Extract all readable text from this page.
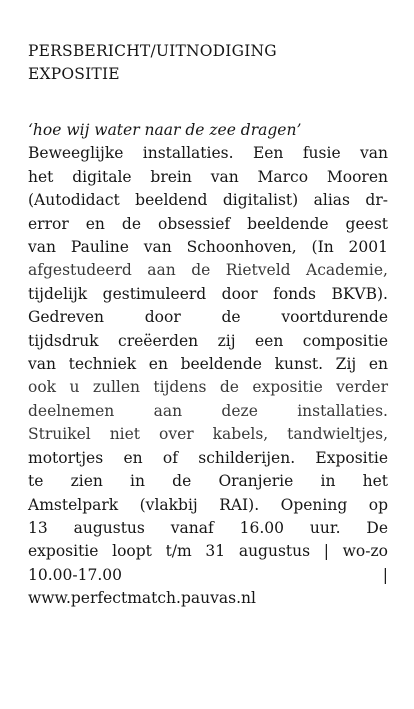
PERSBERICHT/UITNODIGING
EXPOSITIE
‘hoe wij water naar de zee dragen’
Beweeglijke installaties. Een fusie van
het digitale brein van Marco Mooren
(Autodidact beeldend digitalist) alias dr-
error en de obsessief beeldende geest
van Pauline van Schoonhoven, (In 2001
afgestudeerd aan de Rietveld Academie,
tijdelijk gestimuleerd door fonds BKVB).
Gedreven door de voortdurende
tijdsdruk creëerden zij een compositie
van techniek en beeldende kunst. Zij en
ook u zullen tijdens de expositie verder
deelnemen aan deze installaties.
Struikel niet over kabels, tandwieltjes,
motortjes en of schilderijen. Expositie
te zien in de Oranjerie in het
Amstelpark (vlakbij RAI). Opening op
13 augustus vanaf 16.00 uur. De
expositie loopt t/m 31 augustus | wo-zo
10.00-17.00 |
www.perfectmatch.pauvas.nl
